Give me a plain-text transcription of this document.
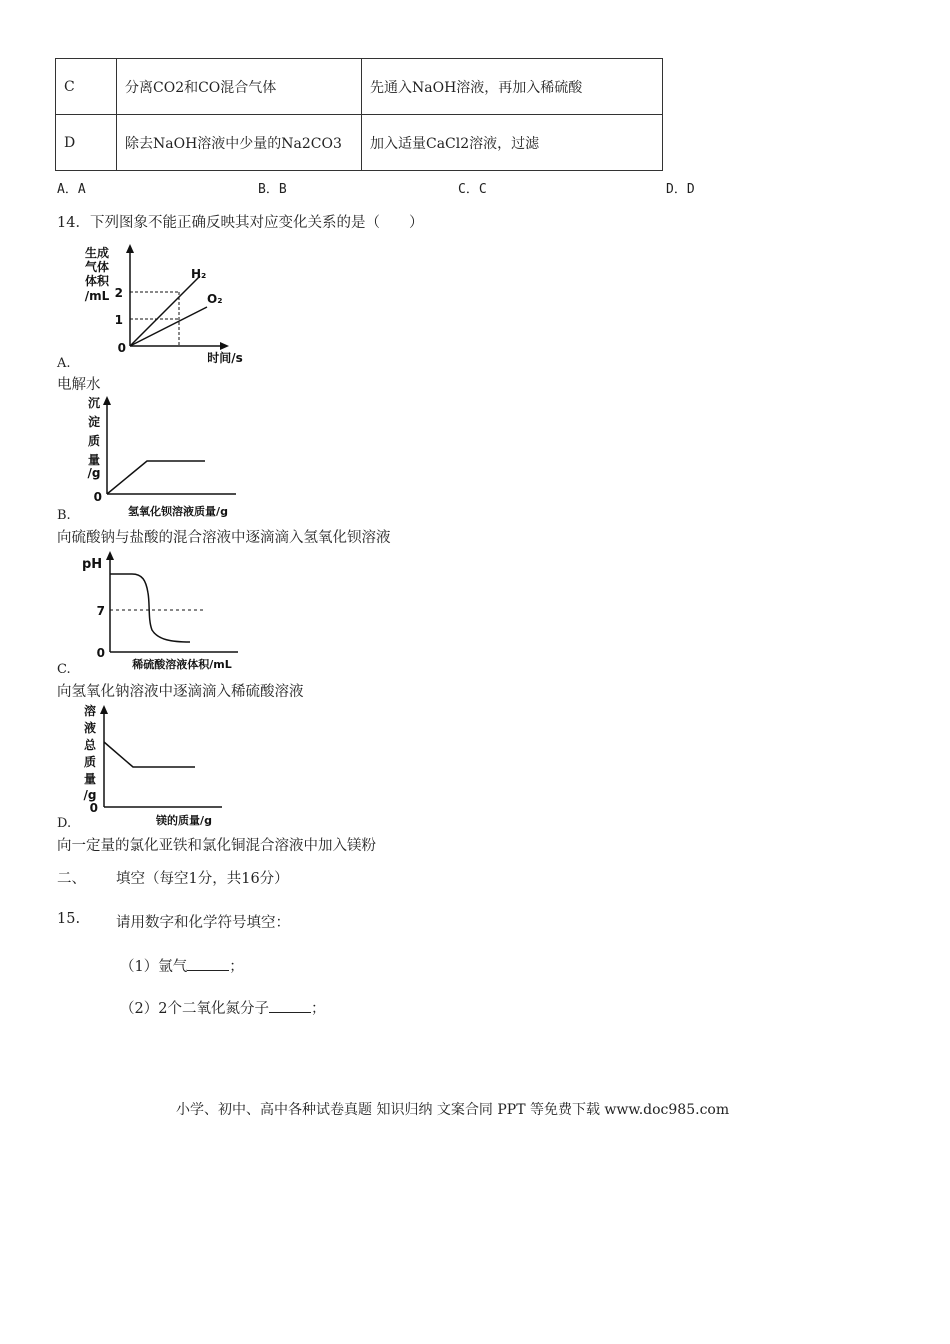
C	分离CO2和CO混合气体	先通入NaOH溶液，再加入稀硫酸
D	除去NaOH溶液中少量的Na2CO3	加入适量CaCl2溶液，过滤
A．A	B．B	C．C	D．D
14．下列图象不能正确反映其对应变化关系的是（　　）
生成
气体
体积
/mL 2
1
0
H₂
O₂
时间/s
A.
电解水
沉
淀
质
量
/g
0
氢氧化钡溶液质量/g
B.
向硫酸钠与盐酸的混合溶液中逐滴滴入氢氧化钡溶液
pH
7
0
稀硫酸溶液体积/mL
C.
向氢氧化钠溶液中逐滴滴入稀硫酸溶液
溶
液
总
质
量
/g
0
镁的质量/g
D.
向一定量的氯化亚铁和氯化铜混合溶液中加入镁粉
二、 填空（每空1分，共16分）
15. 请用数字和化学符号填空：
（1）氩气	；
（2）2个二氧化氮分子	；
小学、初中、高中各种试卷真题 知识归纳 文案合同 PPT 等免费下载 www.doc985.com
